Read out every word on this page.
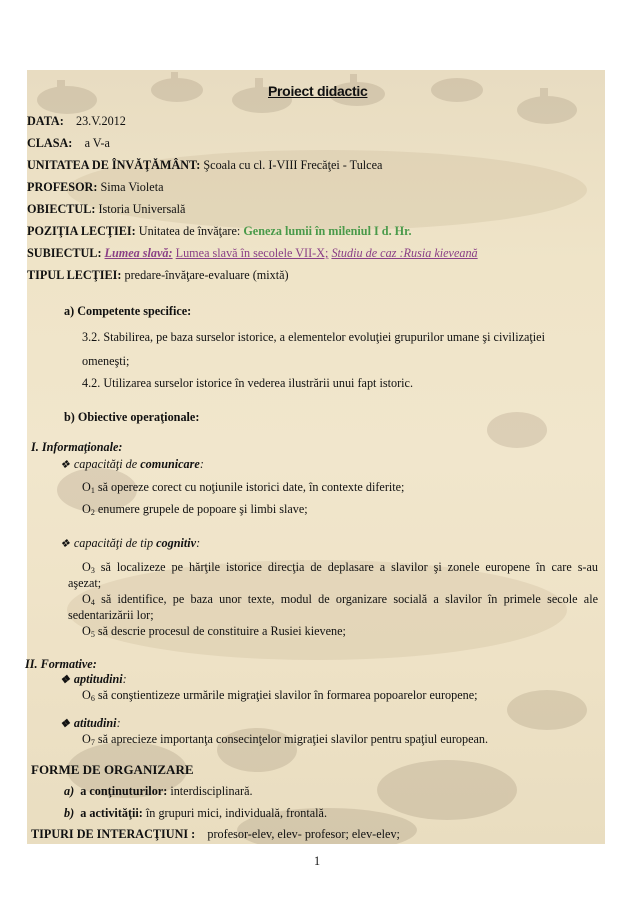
Proiect didactic
DATA: 23.V.2012
CLASA: a V-a
UNITATEA DE ÎNVĂŢĂMÂNT: Şcoala cu cl. I-VIII Frecăţei - Tulcea
PROFESOR: Sima Violeta
OBIECTUL: Istoria Universală
POZIŢIA LECŢIEI: Unitatea de învăţare: Geneza lumii în mileniul I d. Hr.
SUBIECTUL: Lumea slavă: Lumea slavă în secolele VII-X; Studiu de caz :Rusia kieveană
TIPUL LECŢIEI: predare-învăţare-evaluare (mixtă)
a) Competente specifice:
3.2. Stabilirea, pe baza surselor istorice, a elementelor evoluţiei grupurilor umane şi civilizaţiei
omeneşti;
4.2. Utilizarea surselor istorice în vederea ilustrării unui fapt istoric.
b) Obiective operaţionale:
I. Informaţionale:
❖ capacităţi de comunicare:
$O_1$ să opereze corect cu noţiunile istorici date, în contexte diferite;
$O_2$ enumere grupele de popoare şi limbi slave;
❖ capacităţi de tip cognitiv:
$O_3$ să localizeze pe hărţile istorice direcţia de deplasare a slavilor şi zonele europene în care s-au
aşezat;
$O_4$ să identifice, pe baza unor texte, modul de organizare socială a slavilor în primele secole ale
sedentarizării lor;
$O_5$ să descrie procesul de constituire a Rusiei kievene;
II. Formative:
❖ aptitudini:
$O_6$ să conştientizeze urmările migraţiei slavilor în formarea popoarelor europene;
❖ atitudini:
$O_7$ să aprecieze importanţa consecinţelor migraţiei slavilor pentru spaţiul european.
FORME DE ORGANIZARE
a) a conţinuturilor: interdisciplinară.
b) a activităţii: în grupuri mici, individuală, frontală.
TIPURI DE INTERACŢIUNI : profesor-elev, elev- profesor; elev-elev;
1
